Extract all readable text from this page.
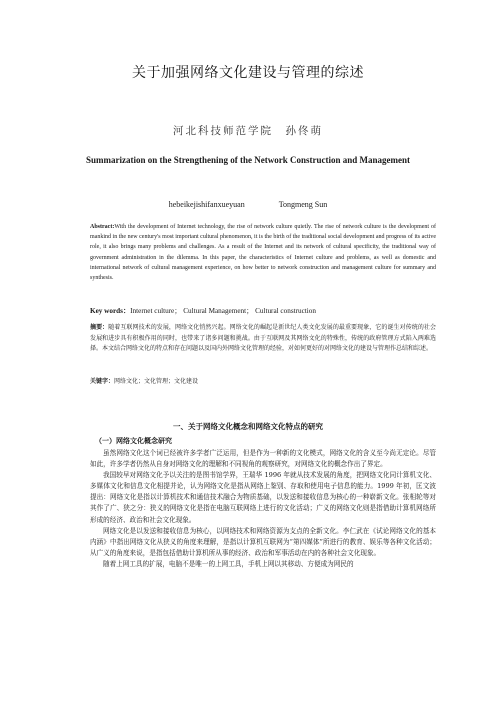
关于加强网络文化建设与管理的综述
河北科技师范学院　孙佟萌
Summarization on the Strengthening of the Network Construction and Management
hebeikejishifanxueyuan	Tongmeng Sun
Abstract:With the development of Internet technology, the rise of network culture quietly. The rise of network culture is the development of mankind in the new century's most important cultural phenomenon, it is the birth of the traditional social development and progress of its active role, it also brings many problems and challenges. As a result of the Internet and its network of cultural specificity, the traditional way of government administration in the dilemma. In this paper, the characteristics of Internet culture and problems, as well as domestic and international network of cultural management experience, on how better to network construction and management culture for summary and synthesis.
Key words：Internet culture； Cultural Management； Cultural construction
摘要：随着互联网技术的发展，网络文化悄然兴起。网络文化的崛起是新世纪人类文化发展的最重要现象，它的诞生对传统的社会发展和进步具有积极作用的同时，也带来了诸多问题和挑战。由于互联网及其网络文化的特殊性，传统的政府管理方式陷入两难选择。本文结合网络文化的特点和存在问题以及国内外网络文化管理的经验，对如何更好的对网络文化的建设与管理作总结和综述。
关键字：网络文化；文化管理；文化建设
一、关于网络文化概念和网络文化特点的研究
（一）网络文化概念研究

虽然网络文化这个词已经被许多学者广泛运用，但是作为一种新的文化模式，网络文化的含义至今尚无定论。尽管如此，许多学者仍然从自身对网络文化的理解和不同视角的观察研究，对网络文化的概念作出了界定。

我国较早对网络文化予以关注的是图书馆学界，王瑞华 1996 年就从技术发展的角度，把网络文化同计算机文化、多媒体文化和信息文化相提并论，认为网络文化是指从网络上鉴别、存取和使用电子信息的能力。1999 年初，匡文波提出：网络文化是指以计算机技术和通信技术融合为物质基础，以发送和接收信息为核心的一种崭新文化。张相轮等对其作了广、狭之分：狭义的网络文化是指在电脑互联网络上进行的文化活动；广义的网络文化则是指借助计算机网络所形成的经济、政治和社会文化现象。

网络文化是以发送和接收信息为核心，以网络技术和网络资源为支点的全新文化。李仁武在《试论网络文化的基本内涵》中指出网络文化从狭义的角度来理解，是指以计算机互联网为“第四媒体”所进行的教育、娱乐等各种文化活动；从广义的角度来说，是指包括借助计算机所从事的经济、政治和军事活动在内的各种社会文化现象。

随着上网工具的扩展，电脑不是唯一的上网工具，手机上网以其移动、方便成为网民的
